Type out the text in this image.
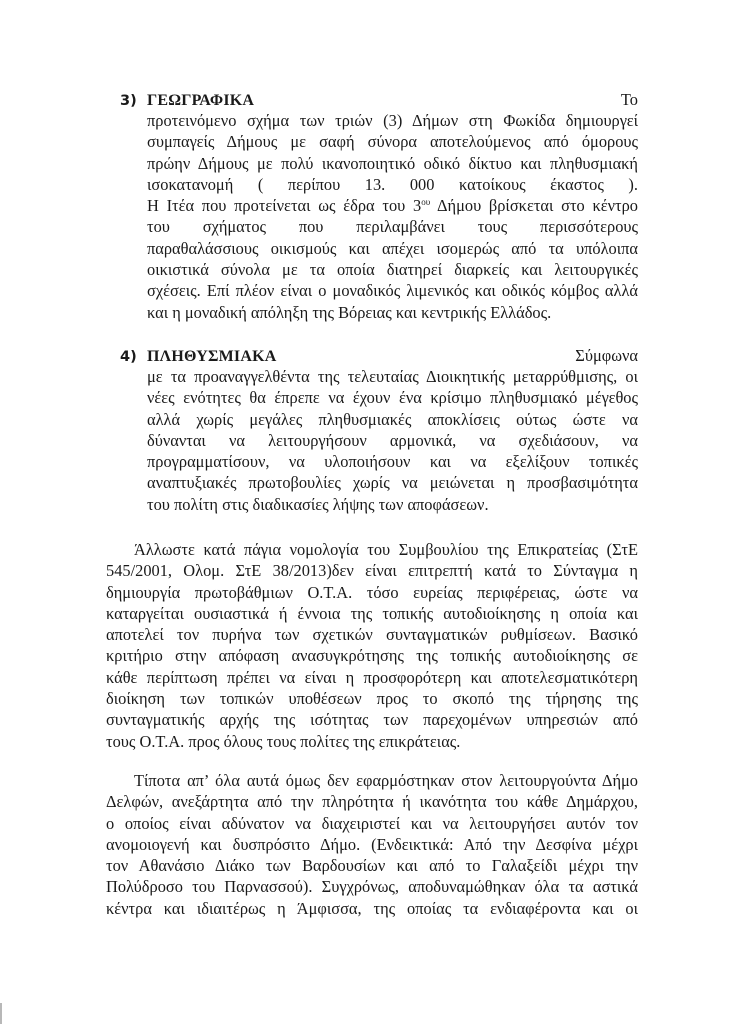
3) ΓΕΩΓΡΑΦΙΚΑ	Το
προτεινόμενο σχήμα των τριών (3) Δήμων στη Φωκίδα δημιουργεί
συμπαγείς Δήμους με σαφή σύνορα αποτελούμενος από όμορους
πρώην Δήμους με πολύ ικανοποιητικό οδικό δίκτυο και πληθυσμιακή
ισοκατανομή ( περίπου 13. 000 κατοίκους έκαστος ).
Η Ιτέα που προτείνεται ως έδρα του $3^{o\upsilon}$ Δήμου βρίσκεται στο κέντρο
του σχήματος που περιλαμβάνει τους περισσότερους
παραθαλάσσιους οικισμούς και απέχει ισομερώς από τα υπόλοιπα
οικιστικά σύνολα με τα οποία διατηρεί διαρκείς και λειτουργικές
σχέσεις. Επί πλέον είναι ο μοναδικός λιμενικός και οδικός κόμβος αλλά
και η μοναδική απόληξη της Βόρειας και κεντρικής Ελλάδος.
4) ΠΛΗΘΥΣΜΙΑΚΑ	Σύμφωνα
με τα προαναγγελθέντα της τελευταίας Διοικητικής μεταρρύθμισης, οι
νέες ενότητες θα έπρεπε να έχουν ένα κρίσιμο πληθυσμιακό μέγεθος
αλλά χωρίς μεγάλες πληθυσμιακές αποκλίσεις ούτως ώστε να
δύνανται να λειτουργήσουν αρμονικά, να σχεδιάσουν, να
προγραμματίσουν, να υλοποιήσουν και να εξελίξουν τοπικές
αναπτυξιακές πρωτοβουλίες χωρίς να μειώνεται η προσβασιμότητα
του πολίτη στις διαδικασίες λήψης των αποφάσεων.
Άλλωστε κατά πάγια νομολογία του Συμβουλίου της Επικρατείας (ΣτΕ
545/2001, Ολομ. ΣτΕ 38/2013)δεν είναι επιτρεπτή κατά το Σύνταγμα η
δημιουργία πρωτοβάθμιων Ο.Τ.Α. τόσο ευρείας περιφέρειας, ώστε να
καταργείται ουσιαστικά ή έννοια της τοπικής αυτοδιοίκησης η οποία και
αποτελεί τον πυρήνα των σχετικών συνταγματικών ρυθμίσεων. Βασικό
κριτήριο στην απόφαση ανασυγκρότησης της τοπικής αυτοδιοίκησης σε
κάθε περίπτωση πρέπει να είναι η προσφορότερη και αποτελεσματικότερη
διοίκηση των τοπικών υποθέσεων προς το σκοπό της τήρησης της
συνταγματικής αρχής της ισότητας των παρεχομένων υπηρεσιών από
τους Ο.Τ.Α. προς όλους τους πολίτες της επικράτειας.
Τίποτα απ’ όλα αυτά όμως δεν εφαρμόστηκαν στον λειτουργούντα Δήμο
Δελφών, ανεξάρτητα από την πληρότητα ή ικανότητα του κάθε Δημάρχου,
ο οποίος είναι αδύνατον να διαχειριστεί και να λειτουργήσει αυτόν τον
ανομοιογενή και δυσπρόσιτο Δήμο. (Ενδεικτικά: Από την Δεσφίνα μέχρι
τον Αθανάσιο Διάκο των Βαρδουσίων και από το Γαλαξείδι μέχρι την
Πολύδροσο του Παρνασσού). Συγχρόνως, αποδυναμώθηκαν όλα τα αστικά
κέντρα και ιδιαιτέρως η Άμφισσα, της οποίας τα ενδιαφέροντα και οι
